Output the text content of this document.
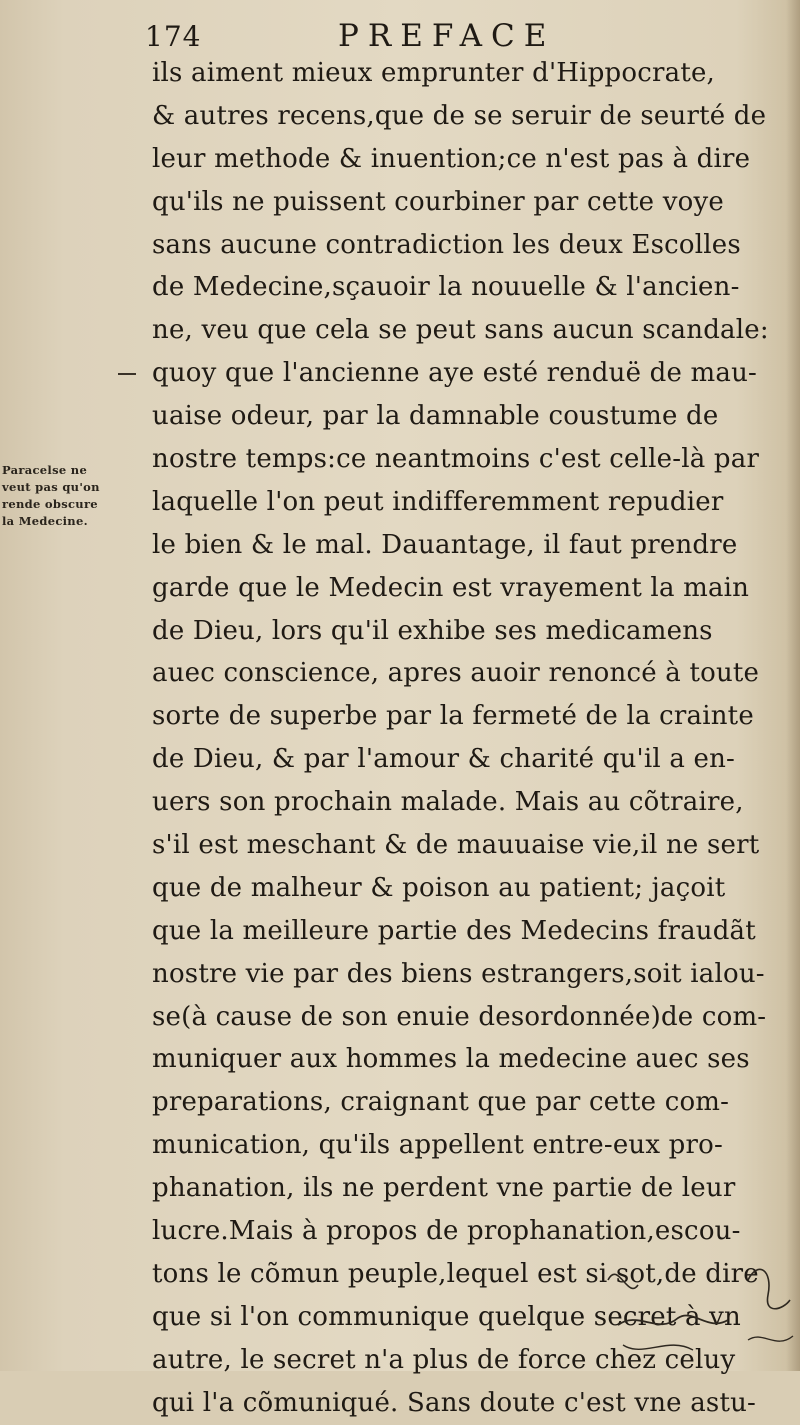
174	PREFACE
Paracelse ne
veut pas qu'on
rende obscure
la Medecine.
ils aiment mieux emprunter d'Hippocrate,
& autres recens,que de se seruir de seurté de
leur methode & inuention;ce n'est pas à dire
qu'ils ne puissent courbiner par cette voye
sans aucune contradiction les deux Escolles
de Medecine,sçauoir la nouuelle & l'ancien-
ne, veu que cela se peut sans aucun scandale:
quoy que l'ancienne aye esté renduë de mau-
uaise odeur, par la damnable coustume de
nostre temps:ce neantmoins c'est celle-là par
laquelle l'on peut indifferemment repudier
le bien & le mal. Dauantage, il faut prendre
garde que le Medecin est vrayement la main
de Dieu, lors qu'il exhibe ses medicamens
auec conscience, apres auoir renoncé à toute
sorte de superbe par la fermeté de la crainte
de Dieu, & par l'amour & charité qu'il a en-
uers son prochain malade. Mais au cõtraire,
s'il est meschant & de mauuaise vie,il ne sert
que de malheur & poison au patient; jaçoit
que la meilleure partie des Medecins fraudãt
nostre vie par des biens estrangers,soit ialou-
se(à cause de son enuie desordonnée)de com-
muniquer aux hommes la medecine auec ses
preparations, craignant que par cette com-
munication, qu'ils appellent entre-eux pro-
phanation, ils ne perdent vne partie de leur
lucre.Mais à propos de prophanation,escou-
tons le cõmun peuple,lequel est si sot,de dire
que si l'on communique quelque secret à vn
autre, le secret n'a plus de force chez celuy
qui l'a cõmuniqué. Sans doute c'est vne astu-
